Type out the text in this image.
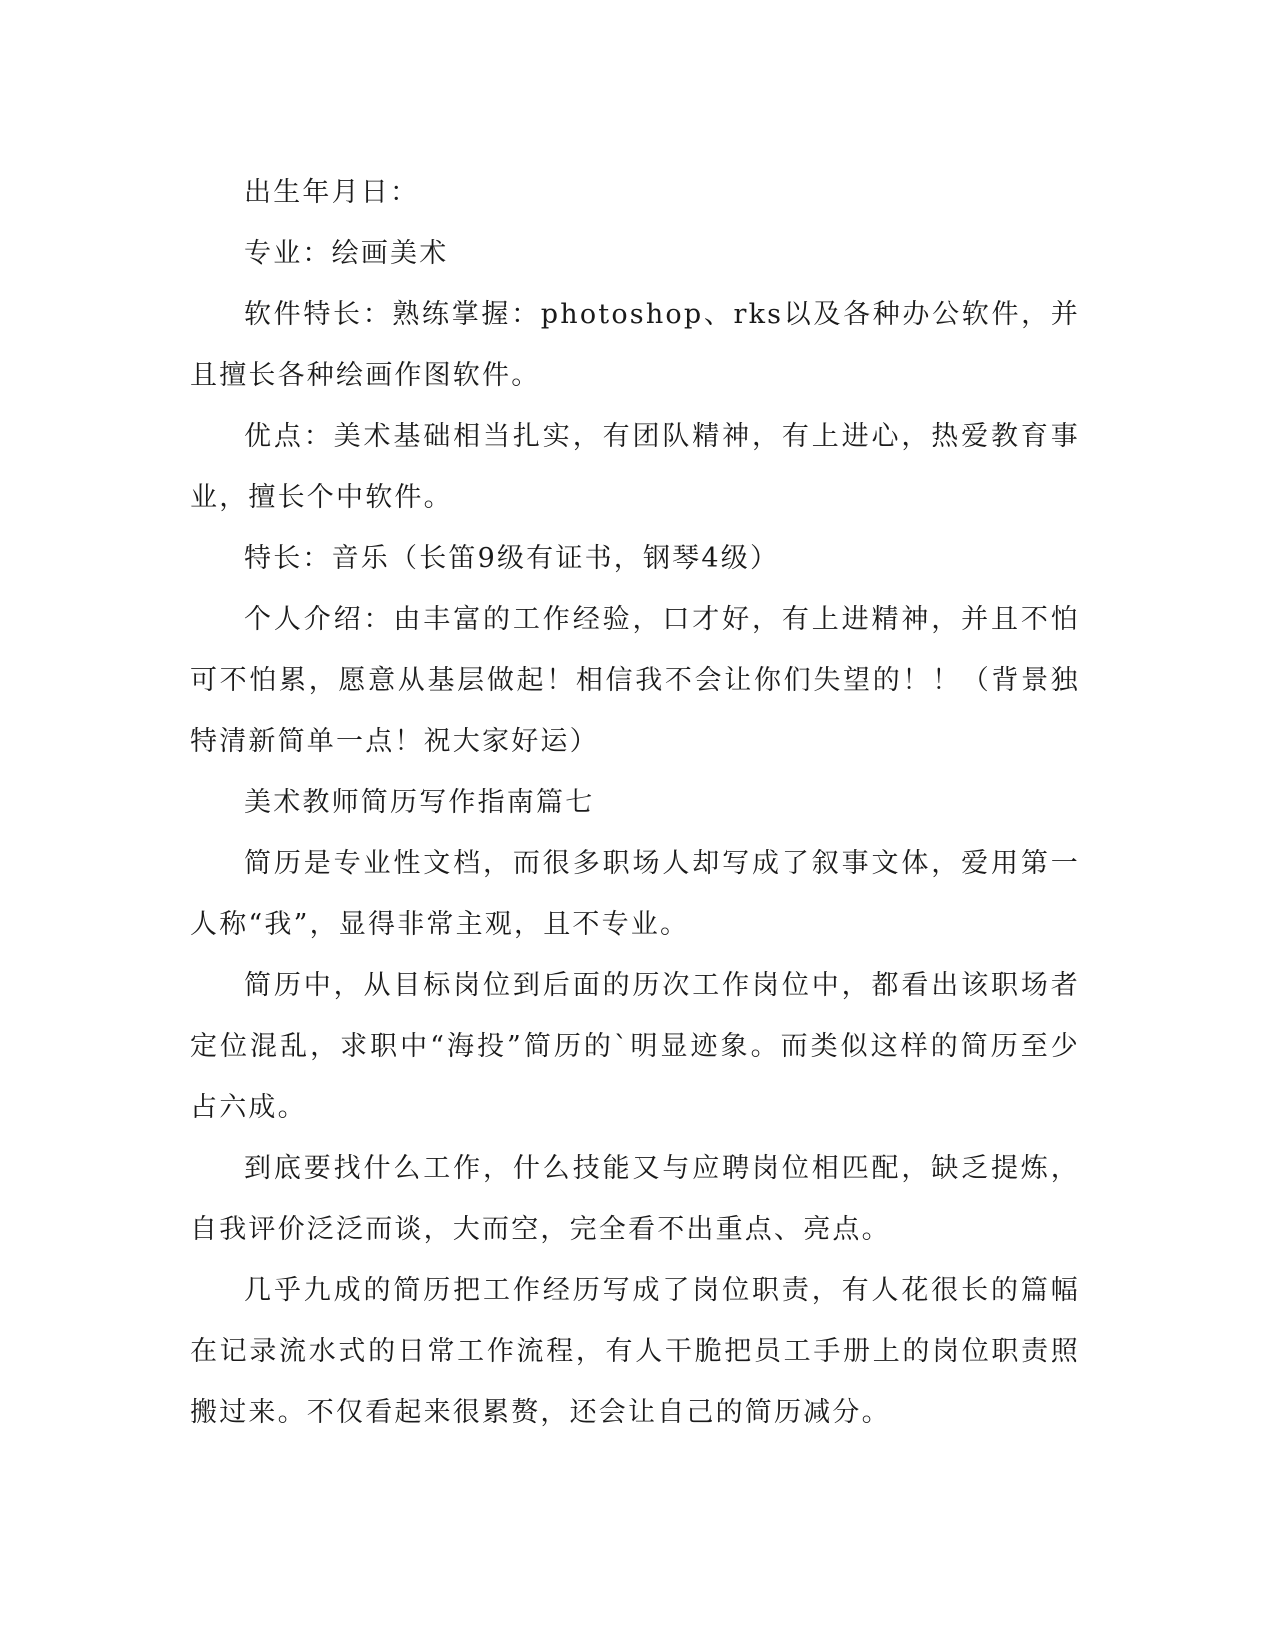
出生年月日：

专业：绘画美术

软件特长：熟练掌握：photoshop、rks以及各种办公软件，并且擅长各种绘画作图软件。

优点：美术基础相当扎实，有团队精神，有上进心，热爱教育事业，擅长个中软件。

特长：音乐（长笛9级有证书，钢琴4级）

个人介绍：由丰富的工作经验，口才好，有上进精神，并且不怕可不怕累，愿意从基层做起！相信我不会让你们失望的！！（背景独特清新简单一点！祝大家好运）

美术教师简历写作指南篇七

简历是专业性文档，而很多职场人却写成了叙事文体，爱用第一人称“我”，显得非常主观，且不专业。

简历中，从目标岗位到后面的历次工作岗位中，都看出该职场者定位混乱，求职中“海投”简历的`明显迹象。而类似这样的简历至少占六成。

到底要找什么工作，什么技能又与应聘岗位相匹配，缺乏提炼，自我评价泛泛而谈，大而空，完全看不出重点、亮点。

几乎九成的简历把工作经历写成了岗位职责，有人花很长的篇幅在记录流水式的日常工作流程，有人干脆把员工手册上的岗位职责照搬过来。不仅看起来很累赘，还会让自己的简历减分。
